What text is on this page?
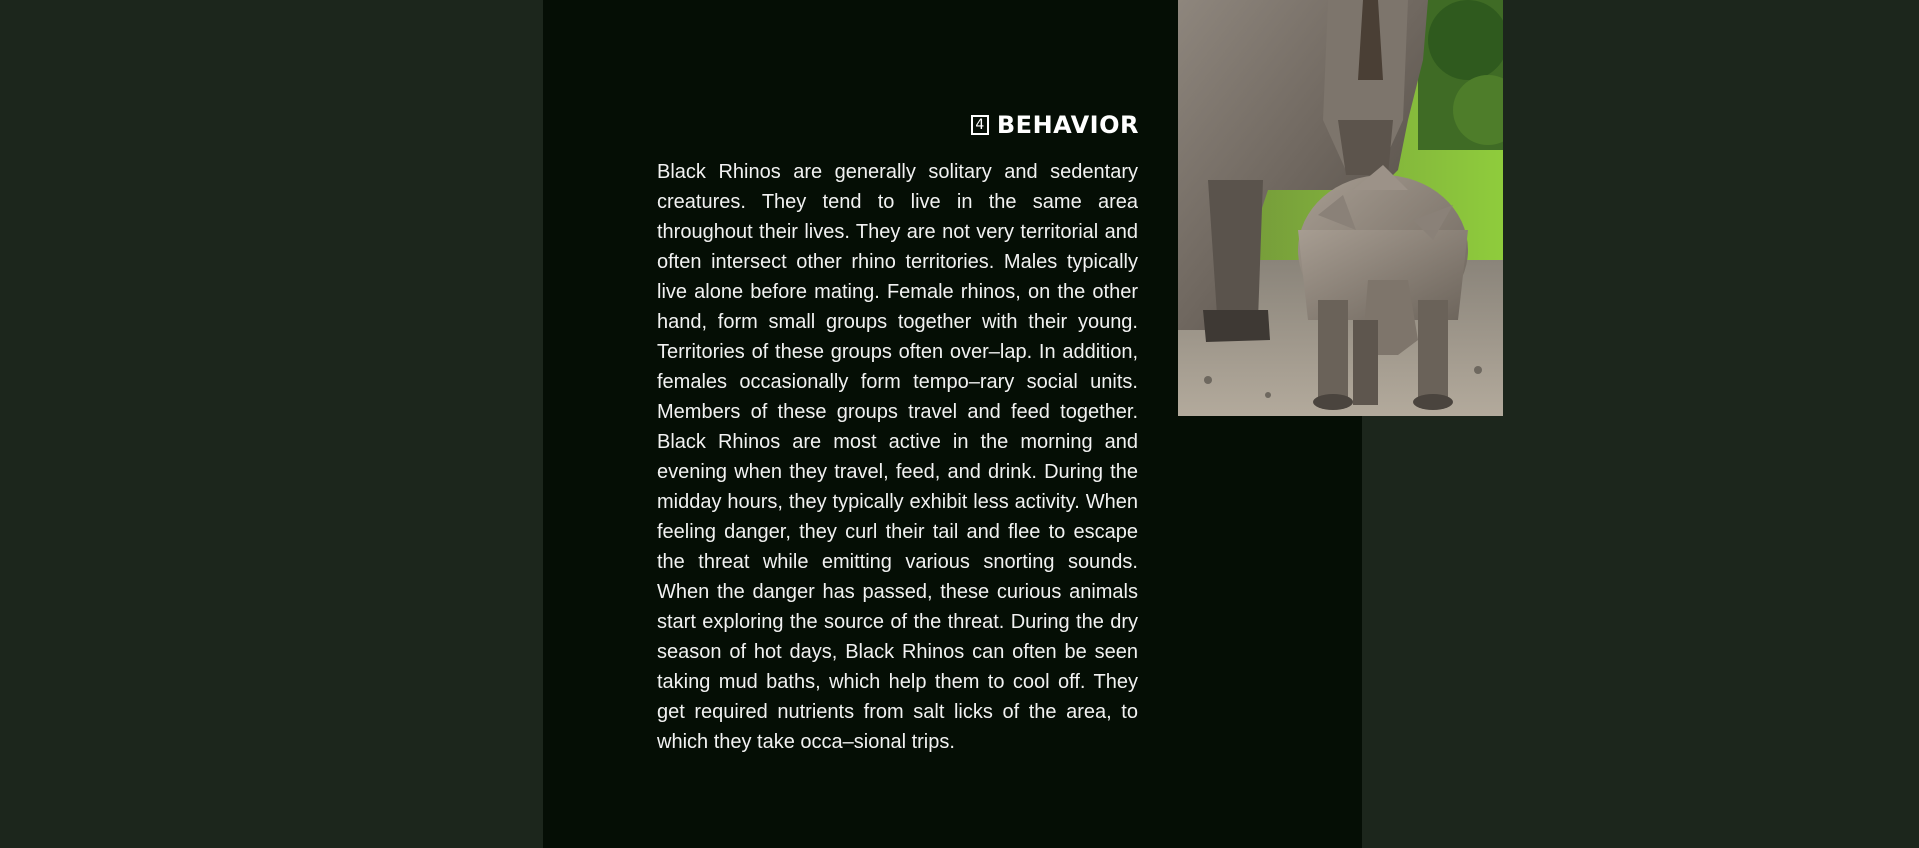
4 BEHAVIOR

Black Rhinos are generally solitary and sedentary creatures. They tend to live in the same area throughout their lives. They are not very territorial and often intersect other rhino territories. Males typically live alone before mating. Female rhinos, on the other hand, form small groups together with their young. Territories of these groups often over–lap. In addition, females occasionally form tempo–rary social units. Members of these groups travel and feed together. Black Rhinos are most active in the morning and evening when they travel, feed, and drink. During the midday hours, they typically exhibit less activity. When feeling danger, they curl their tail and flee to escape the threat while emitting various snorting sounds. When the danger has passed, these curious animals start exploring the source of the threat. During the dry season of hot days, Black Rhinos can often be seen taking mud baths, which help them to cool off. They get required nutrients from salt licks of the area, to which they take occa–sional trips.
